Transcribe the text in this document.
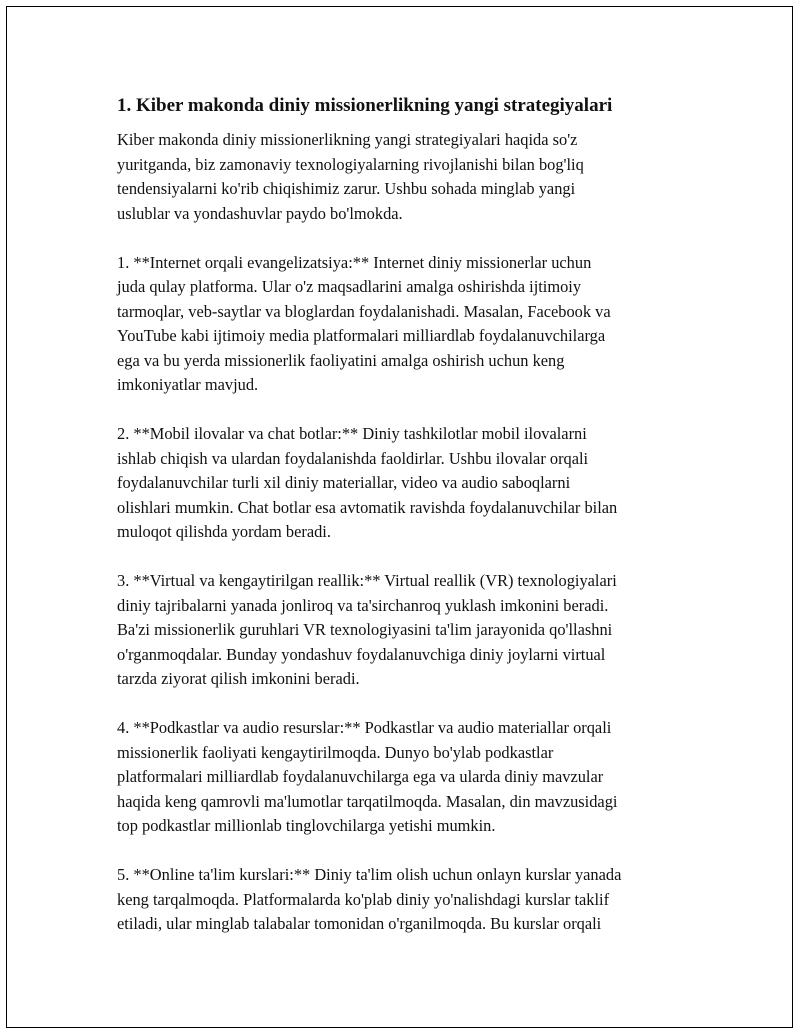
1. Kiber makonda diniy missionerlikning yangi strategiyalari

Kiber makonda diniy missionerlikning yangi strategiyalari haqida so'z
yuritganda, biz zamonaviy texnologiyalarning rivojlanishi bilan bog'liq
tendensiyalarni ko'rib chiqishimiz zarur. Ushbu sohada minglab yangi
uslublar va yondashuvlar paydo bo'lmokda.

1. **Internet orqali evangelizatsiya:** Internet diniy missionerlar uchun
juda qulay platforma. Ular o'z maqsadlarini amalga oshirishda ijtimoiy
tarmoqlar, veb-saytlar va bloglardan foydalanishadi. Masalan, Facebook va
YouTube kabi ijtimoiy media platformalari milliardlab foydalanuvchilarga
ega va bu yerda missionerlik faoliyatini amalga oshirish uchun keng
imkoniyatlar mavjud.

2. **Mobil ilovalar va chat botlar:** Diniy tashkilotlar mobil ilovalarni
ishlab chiqish va ulardan foydalanishda faoldirlar. Ushbu ilovalar orqali
foydalanuvchilar turli xil diniy materiallar, video va audio saboqlarni
olishlari mumkin. Chat botlar esa avtomatik ravishda foydalanuvchilar bilan
muloqot qilishda yordam beradi.

3. **Virtual va kengaytirilgan reallik:** Virtual reallik (VR) texnologiyalari
diniy tajribalarni yanada jonliroq va ta'sirchanroq yuklash imkonini beradi.
Ba'zi missionerlik guruhlari VR texnologiyasini ta'lim jarayonida qo'llashni
o'rganmoqdalar. Bunday yondashuv foydalanuvchiga diniy joylarni virtual
tarzda ziyorat qilish imkonini beradi.

4. **Podkastlar va audio resurslar:** Podkastlar va audio materiallar orqali
missionerlik faoliyati kengaytirilmoqda. Dunyo bo'ylab podkastlar
platformalari milliardlab foydalanuvchilarga ega va ularda diniy mavzular
haqida keng qamrovli ma'lumotlar tarqatilmoqda. Masalan, din mavzusidagi
top podkastlar millionlab tinglovchilarga yetishi mumkin.

5. **Online ta'lim kurslari:** Diniy ta'lim olish uchun onlayn kurslar yanada
keng tarqalmoqda. Platformalarda ko'plab diniy yo'nalishdagi kurslar taklif
etiladi, ular minglab talabalar tomonidan o'rganilmoqda. Bu kurslar orqali
